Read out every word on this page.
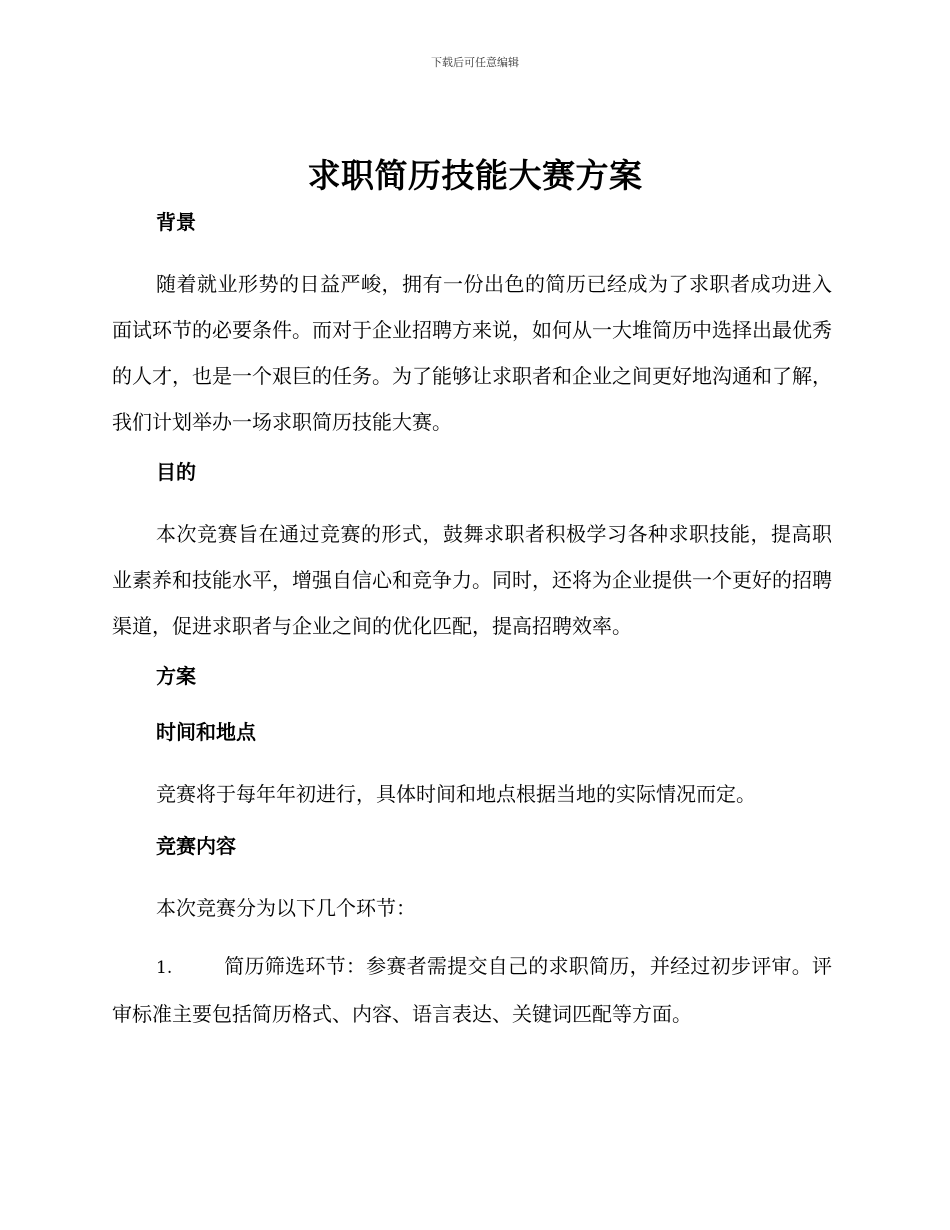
下载后可任意编辑
求职简历技能大赛方案

背景

随着就业形势的日益严峻，拥有一份出色的简历已经成为了求职者成功进入面试环节的必要条件。而对于企业招聘方来说，如何从一大堆简历中选择出最优秀的人才，也是一个艰巨的任务。为了能够让求职者和企业之间更好地沟通和了解，我们计划举办一场求职简历技能大赛。

目的

本次竞赛旨在通过竞赛的形式，鼓舞求职者积极学习各种求职技能，提高职业素养和技能水平，增强自信心和竞争力。同时，还将为企业提供一个更好的招聘渠道，促进求职者与企业之间的优化匹配，提高招聘效率。

方案

时间和地点

竞赛将于每年年初进行，具体时间和地点根据当地的实际情况而定。

竞赛内容

本次竞赛分为以下几个环节：

1.	简历筛选环节：参赛者需提交自己的求职简历，并经过初步评审。评审标准主要包括简历格式、内容、语言表达、关键词匹配等方面。
